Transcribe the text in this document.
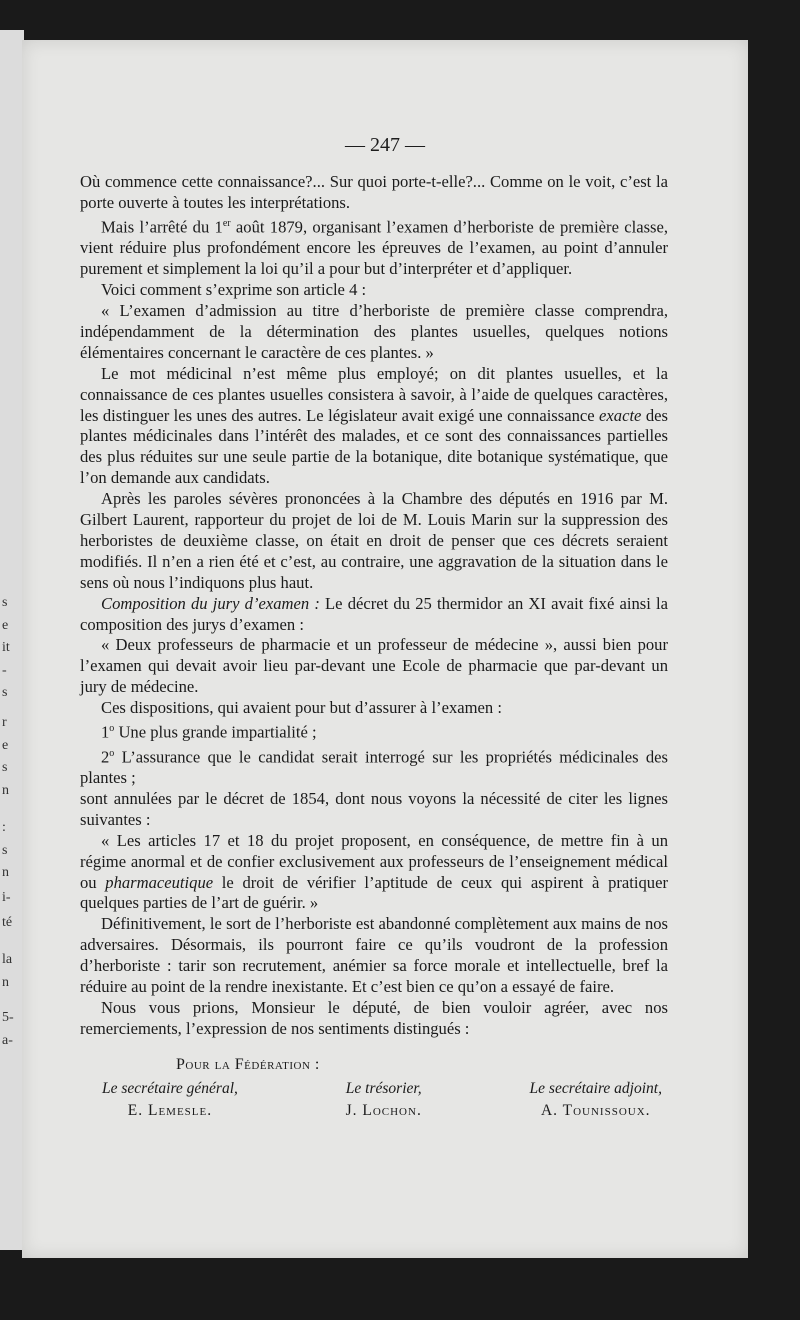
s
e
it
-
s
r
e
s
n
:
s
n
i-
té
la
n
5-
a-
— 247 —

Où commence cette connaissance?... Sur quoi porte-t-elle?... Comme on le voit, c’est la porte ouverte à toutes les interprétations.

Mais l’arrêté du 1er août 1879, organisant l’examen d’herboriste de première classe, vient réduire plus profondément encore les épreuves de l’examen, au point d’annuler purement et simplement la loi qu’il a pour but d’interpréter et d’appliquer.

Voici comment s’exprime son article 4 :

« L’examen d’admission au titre d’herboriste de première classe comprendra, indépendamment de la détermination des plantes usuelles, quelques notions élémentaires concernant le caractère de ces plantes. »

Le mot médicinal n’est même plus employé; on dit plantes usuelles, et la connaissance de ces plantes usuelles consistera à savoir, à l’aide de quelques caractères, les distinguer les unes des autres. Le législateur avait exigé une connaissance exacte des plantes médicinales dans l’intérêt des malades, et ce sont des connaissances partielles des plus réduites sur une seule partie de la botanique, dite botanique systématique, que l’on demande aux candidats.

Après les paroles sévères prononcées à la Chambre des députés en 1916 par M. Gilbert Laurent, rapporteur du projet de loi de M. Louis Marin sur la suppression des herboristes de deuxième classe, on était en droit de penser que ces décrets seraient modifiés. Il n’en a rien été et c’est, au contraire, une aggravation de la situation dans le sens où nous l’indiquons plus haut.

Composition du jury d’examen : Le décret du 25 thermidor an XI avait fixé ainsi la composition des jurys d’examen :

« Deux professeurs de pharmacie et un professeur de médecine », aussi bien pour l’examen qui devait avoir lieu par-devant une Ecole de pharmacie que par-devant un jury de médecine.

Ces dispositions, qui avaient pour but d’assurer à l’examen :

1$^o$ Une plus grande impartialité ;

2$^o$ L’assurance que le candidat serait interrogé sur les propriétés médicinales des plantes ;

sont annulées par le décret de 1854, dont nous voyons la nécessité de citer les lignes suivantes :

« Les articles 17 et 18 du projet proposent, en conséquence, de mettre fin à un régime anormal et de confier exclusivement aux professeurs de l’enseignement médical ou pharmaceutique le droit de vérifier l’aptitude de ceux qui aspirent à pratiquer quelques parties de l’art de guérir. »

Définitivement, le sort de l’herboriste est abandonné complètement aux mains de nos adversaires. Désormais, ils pourront faire ce qu’ils voudront de la profession d’herboriste : tarir son recrutement, anémier sa force morale et intellectuelle, bref la réduire au point de la rendre inexistante. Et c’est bien ce qu’on a essayé de faire.

Nous vous prions, Monsieur le député, de bien vouloir agréer, avec nos remerciements, l’expression de nos sentiments distingués :

Pour la Fédération :
Le secrétaire général,
E. Lemesle.
Le trésorier,
J. Lochon.
Le secrétaire adjoint,
A. Tounissoux.
